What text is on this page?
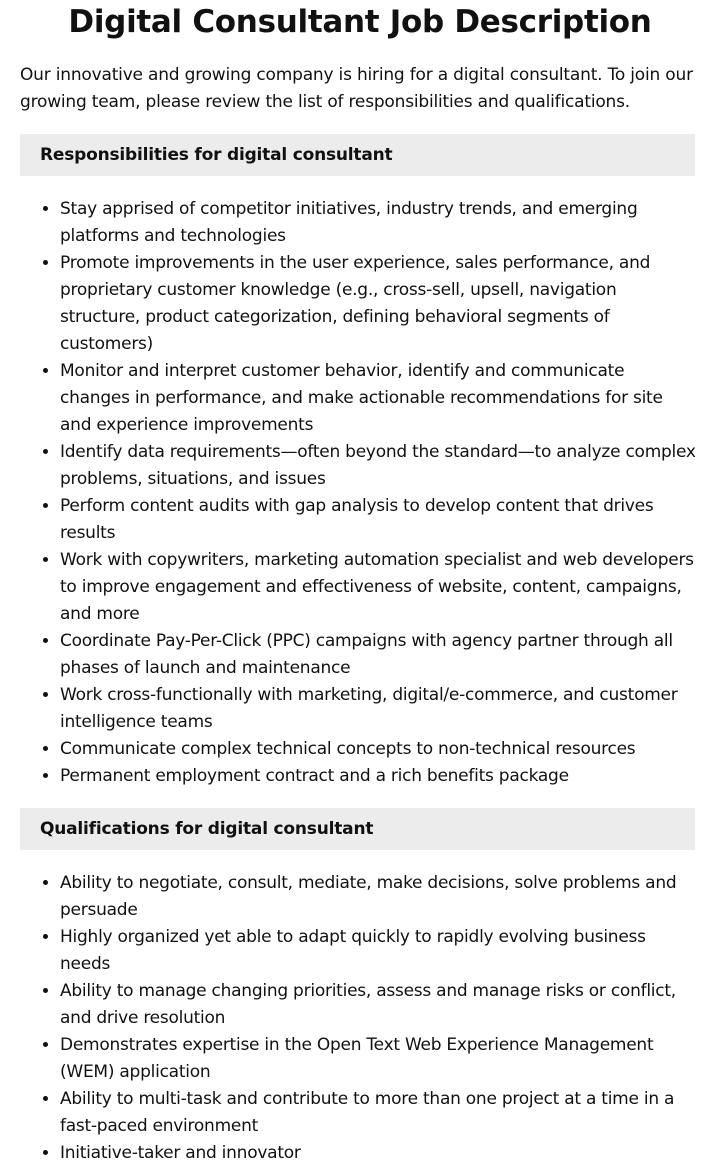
Digital Consultant Job Description

Our innovative and growing company is hiring for a digital consultant. To join our growing team, please review the list of responsibilities and qualifications.

Responsibilities for digital consultant
• Stay apprised of competitor initiatives, industry trends, and emerging platforms and technologies
• Promote improvements in the user experience, sales performance, and proprietary customer knowledge (e.g., cross-sell, upsell, navigation structure, product categorization, defining behavioral segments of customers)
• Monitor and interpret customer behavior, identify and communicate changes in performance, and make actionable recommendations for site and experience improvements
• Identify data requirements—often beyond the standard—to analyze complex problems, situations, and issues
• Perform content audits with gap analysis to develop content that drives results
• Work with copywriters, marketing automation specialist and web developers to improve engagement and effectiveness of website, content, campaigns, and more
• Coordinate Pay-Per-Click (PPC) campaigns with agency partner through all phases of launch and maintenance
• Work cross-functionally with marketing, digital/e-commerce, and customer intelligence teams
• Communicate complex technical concepts to non-technical resources
• Permanent employment contract and a rich benefits package
Qualifications for digital consultant
• Ability to negotiate, consult, mediate, make decisions, solve problems and persuade
• Highly organized yet able to adapt quickly to rapidly evolving business needs
• Ability to manage changing priorities, assess and manage risks or conflict, and drive resolution
• Demonstrates expertise in the Open Text Web Experience Management (WEM) application
• Ability to multi-task and contribute to more than one project at a time in a fast-paced environment
• Initiative-taker and innovator
